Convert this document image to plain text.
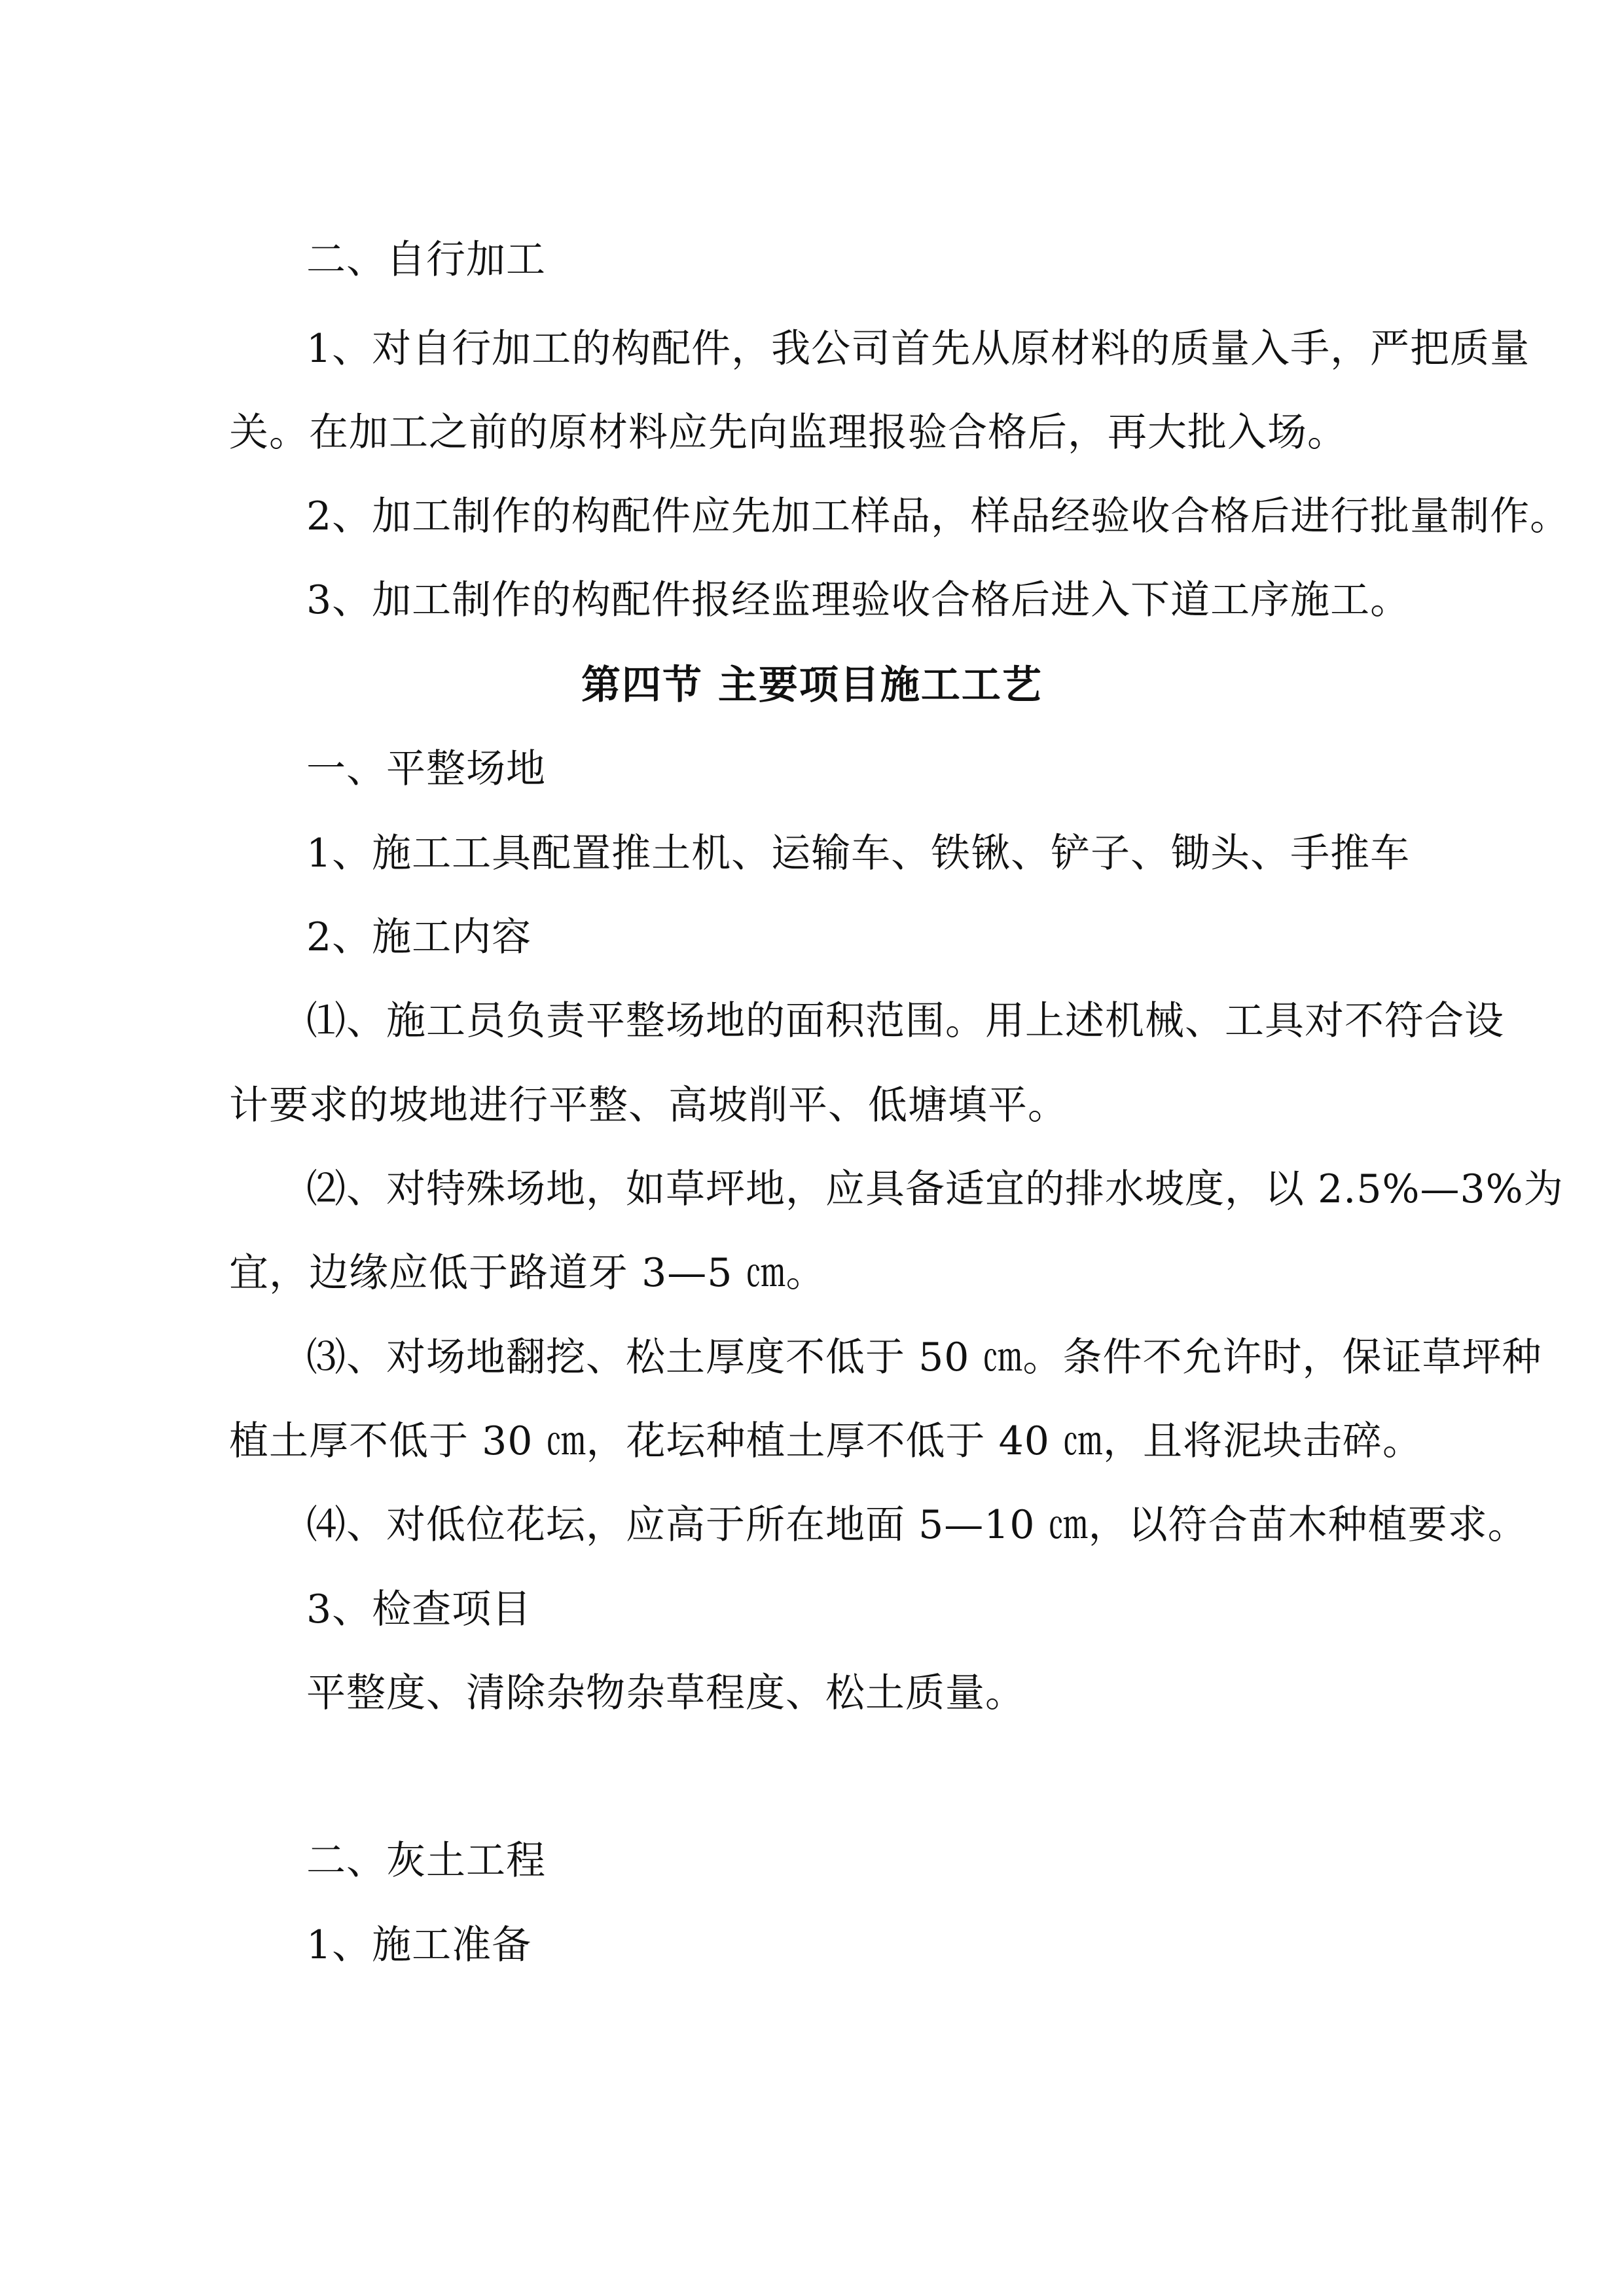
二、自行加工
1、对自行加工的构配件，我公司首先从原材料的质量入手，严把质量
关。在加工之前的原材料应先向监理报验合格后，再大批入场。
2、加工制作的构配件应先加工样品，样品经验收合格后进行批量制作。
3、加工制作的构配件报经监理验收合格后进入下道工序施工。
第四节 主要项目施工工艺
一、平整场地
1、施工工具配置推土机、运输车、铁锹、铲子、锄头、手推车
2、施工内容
⑴、施工员负责平整场地的面积范围。用上述机械、工具对不符合设
计要求的坡地进行平整、高坡削平、低塘填平。
⑵、对特殊场地，如草坪地，应具备适宜的排水坡度，以 2.5%—3%为
宜，边缘应低于路道牙 3—5 ㎝。
⑶、对场地翻挖、松土厚度不低于 50 ㎝。条件不允许时，保证草坪种
植土厚不低于 30 ㎝，花坛种植土厚不低于 40 ㎝，且将泥块击碎。
⑷、对低位花坛，应高于所在地面 5—10 ㎝，以符合苗木种植要求。
3、检查项目
平整度、清除杂物杂草程度、松土质量。
二、灰土工程
1、施工准备
